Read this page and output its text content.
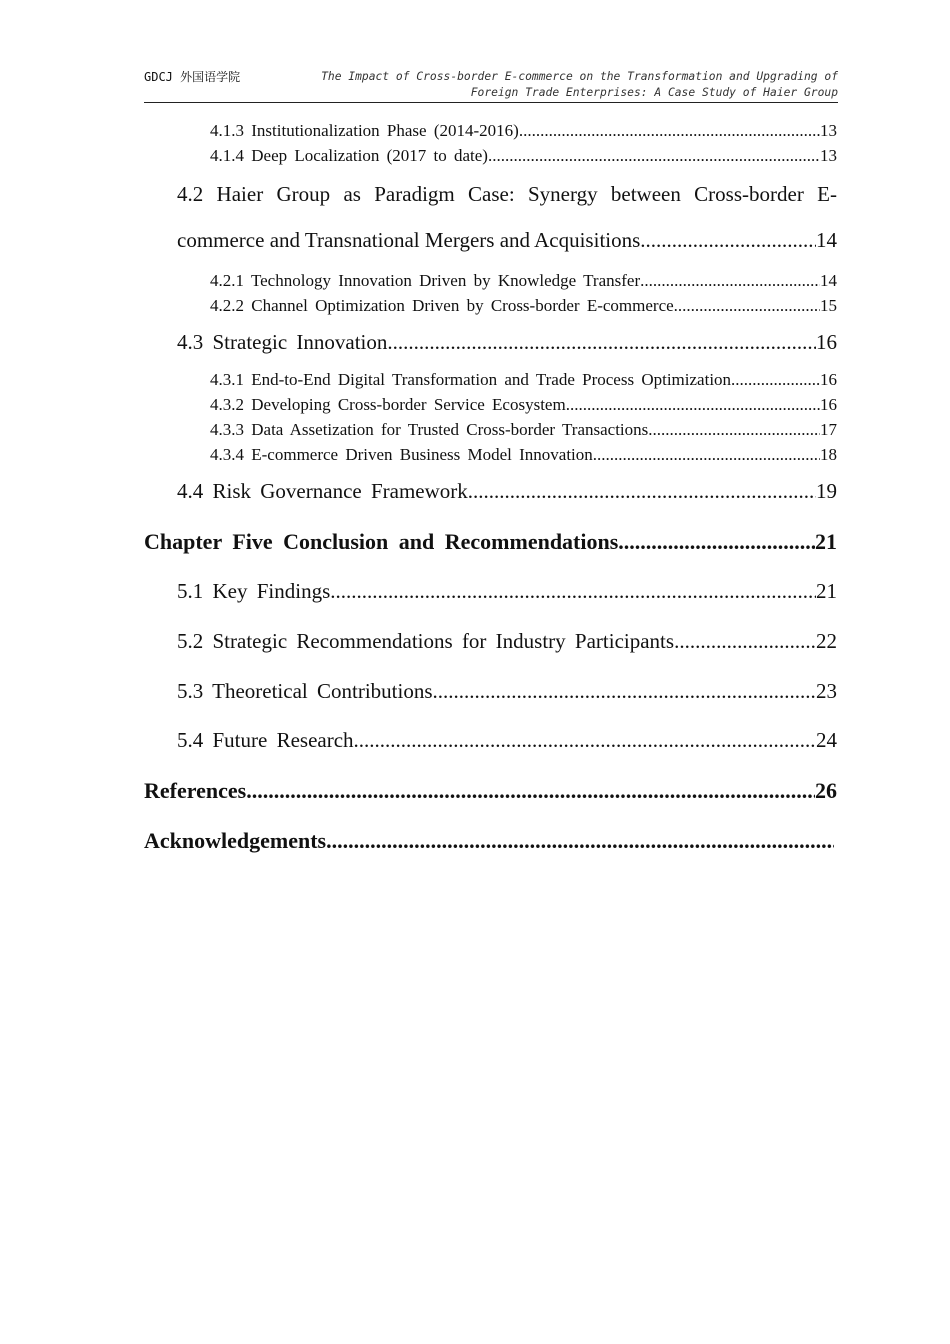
GDCJ 外国语学院	The Impact of Cross-border E-commerce on the Transformation and Upgrading of
Foreign Trade Enterprises: A Case Study of Haier Group
4.1.3 Institutionalization Phase (2014-2016) .....	13
4.1.4 Deep Localization (2017 to date) .....	13
4.2 Haier Group as Paradigm Case: Synergy between Cross-border E-
commerce and Transnational Mergers and Acquisitions .....	14
4.2.1 Technology Innovation Driven by Knowledge Transfer .....	14
4.2.2 Channel Optimization Driven by Cross-border E-commerce .....	15
4.3 Strategic Innovation .....	16
4.3.1 End-to-End Digital Transformation and Trade Process Optimization .....	16
4.3.2 Developing Cross-border Service Ecosystem .....	16
4.3.3 Data Assetization for Trusted Cross-border Transactions .....	17
4.3.4 E-commerce Driven Business Model Innovation .....	18
4.4 Risk Governance Framework .....	19
Chapter Five Conclusion and Recommendations .....	21
5.1 Key Findings .....	21
5.2 Strategic Recommendations for Industry Participants .....	22
5.3 Theoretical Contributions .....	23
5.4 Future Research .....	24
References .....	26
Acknowledgements
.....
